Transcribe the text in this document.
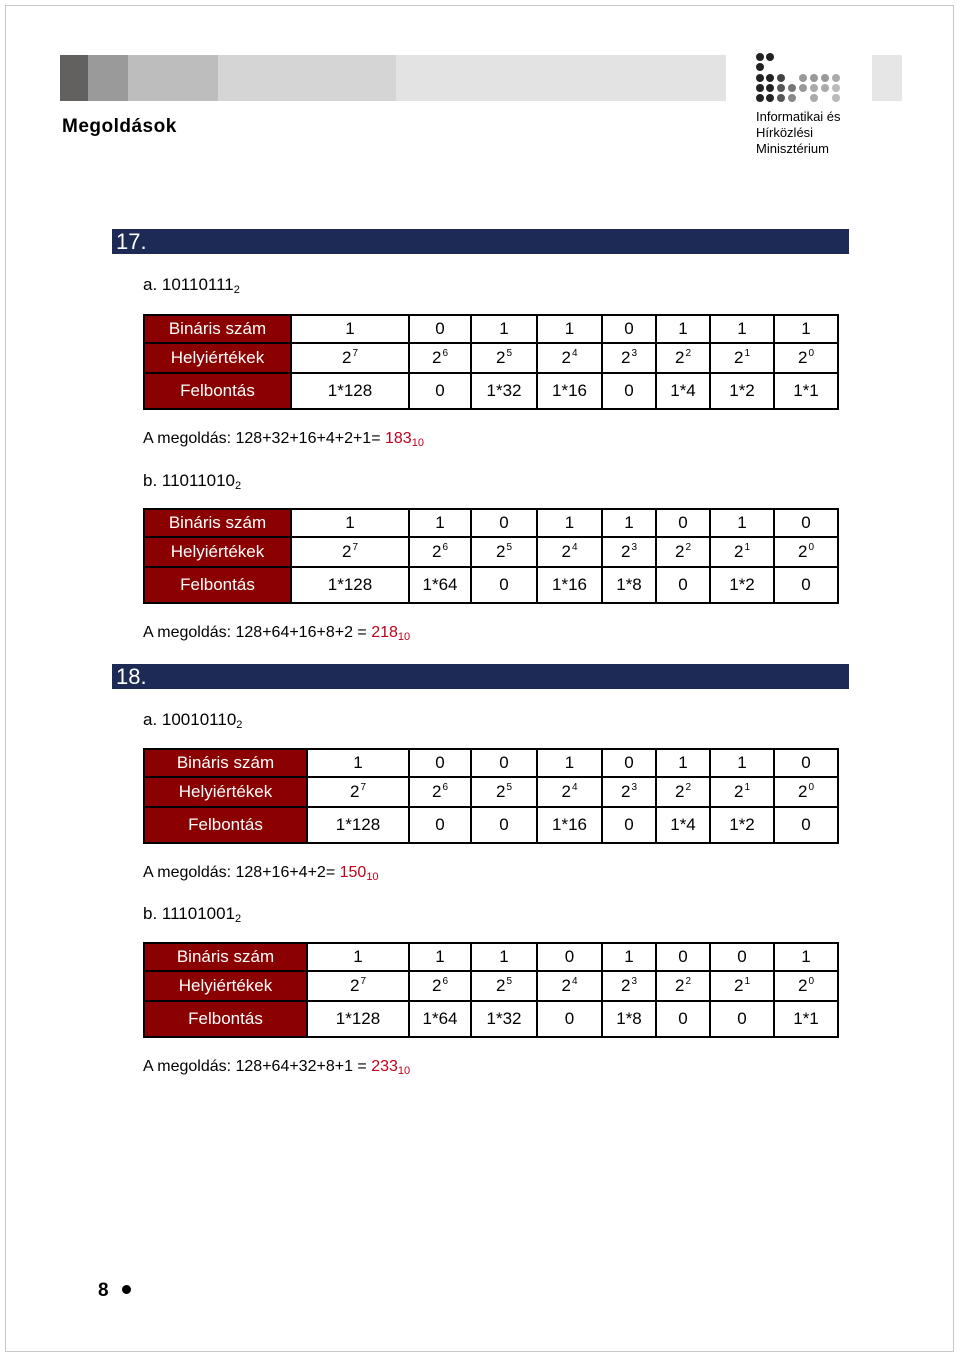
Megoldások	Informatikai és
Hírközlési
Minisztérium
17.
a. $10110111_2$
Bináris szám	1	0	1	1	0	1	1	1
Helyiértékek	$2^7$	$2^6$	$2^5$	$2^4$	$2^3$	$2^2$	$2^1$	$2^0$
Felbontás	1*128	0	1*32	1*16	0	1*4	1*2	1*1
A megoldás: $128+32+16+4+2+1= 183_{10}$
b. $11011010_2$
Bináris szám	1	1	0	1	1	0	1	0
Helyiértékek	$2^7$	$2^6$	$2^5$	$2^4$	$2^3$	$2^2$	$2^1$	$2^0$
Felbontás	1*128	1*64	0	1*16	1*8	0	1*2	0
A megoldás: $128+64+16+8+2 = 218_{10}$
18.
a. $10010110_2$
Bináris szám	1	0	0	1	0	1	1	0
Helyiértékek	$2^7$	$2^6$	$2^5$	$2^4$	$2^3$	$2^2$	$2^1$	$2^0$
Felbontás	1*128	0	0	1*16	0	1*4	1*2	0
A megoldás: $128+16+4+2= 150_{10}$
b. $11101001_2$
Bináris szám	1	1	1	0	1	0	0	1
Helyiértékek	$2^7$	$2^6$	$2^5$	$2^4$	$2^3$	$2^2$	$2^1$	$2^0$
Felbontás	1*128	1*64	1*32	0	1*8	0	0	1*1
A megoldás: $128+64+32+8+1 = 233_{10}$
8
